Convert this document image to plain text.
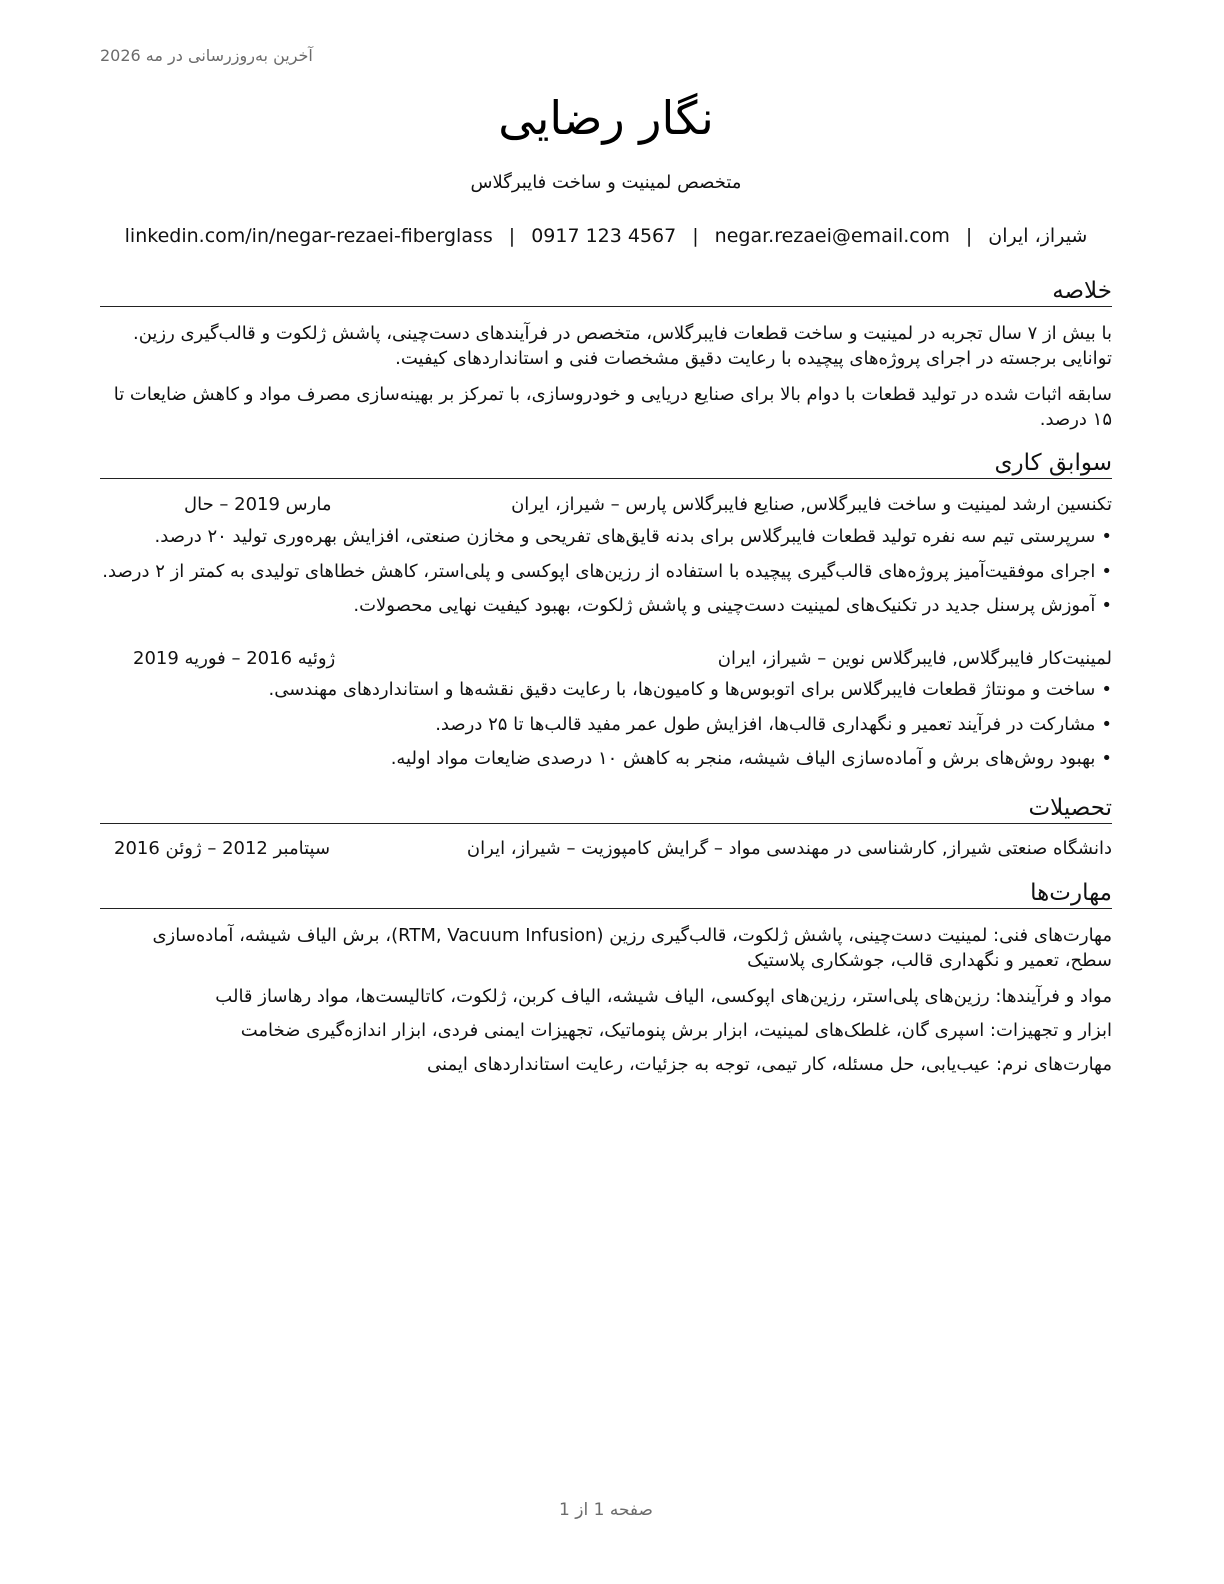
آخرین به‌روزرسانی در مه 2026
نگار رضایی
متخصص لمینیت و ساخت فایبرگلاس
شیراز، ایران|negar.rezaei@email.com|0917 123 4567|linkedin.com/in/negar-rezaei-fiberglass
خلاصه
با بیش از ۷ سال تجربه در لمینیت و ساخت قطعات فایبرگلاس، متخصص در فرآیندهای دست‌چینی، پاشش ژلکوت و قالب‌گیری رزین. توانایی برجسته در اجرای پروژه‌های پیچیده با رعایت دقیق مشخصات فنی و استانداردهای کیفیت.
سابقه اثبات شده در تولید قطعات با دوام بالا برای صنایع دریایی و خودروسازی، با تمرکز بر بهینه‌سازی مصرف مواد و کاهش ضایعات تا ۱۵ درصد.
سوابق کاری
تکنسین ارشد لمینیت و ساخت فایبرگلاس, صنایع فایبرگلاس پارس – شیراز، ایران
مارس 2019 – حال
•سرپرستی تیم سه نفره تولید قطعات فایبرگلاس برای بدنه قایق‌های تفریحی و مخازن صنعتی، افزایش بهره‌وری تولید ۲۰ درصد.
•اجرای موفقیت‌آمیز پروژه‌های قالب‌گیری پیچیده با استفاده از رزین‌های اپوکسی و پلی‌استر، کاهش خطاهای تولیدی به کمتر از ۲ درصد.
•آموزش پرسنل جدید در تکنیک‌های لمینیت دست‌چینی و پاشش ژلکوت، بهبود کیفیت نهایی محصولات.
لمینیت‌کار فایبرگلاس, فایبرگلاس نوین – شیراز، ایران
ژوئیه 2016 – فوریه 2019
•ساخت و مونتاژ قطعات فایبرگلاس برای اتوبوس‌ها و کامیون‌ها، با رعایت دقیق نقشه‌ها و استانداردهای مهندسی.
•مشارکت در فرآیند تعمیر و نگهداری قالب‌ها، افزایش طول عمر مفید قالب‌ها تا ۲۵ درصد.
•بهبود روش‌های برش و آماده‌سازی الیاف شیشه، منجر به کاهش ۱۰ درصدی ضایعات مواد اولیه.
تحصیلات
دانشگاه صنعتی شیراز, کارشناسی در مهندسی مواد – گرایش کامپوزیت – شیراز، ایران
سپتامبر 2012 – ژوئن 2016
مهارت‌ها
مهارت‌های فنی: لمینیت دست‌چینی، پاشش ژلکوت، قالب‌گیری رزین (RTM, Vacuum Infusion)، برش الیاف شیشه، آماده‌سازی سطح، تعمیر و نگهداری قالب، جوشکاری پلاستیک
مواد و فرآیندها: رزین‌های پلی‌استر، رزین‌های اپوکسی، الیاف شیشه، الیاف کربن، ژلکوت، کاتالیست‌ها، مواد رهاساز قالب
ابزار و تجهیزات: اسپری گان، غلطک‌های لمینیت، ابزار برش پنوماتیک، تجهیزات ایمنی فردی، ابزار اندازه‌گیری ضخامت
مهارت‌های نرم: عیب‌یابی، حل مسئله، کار تیمی، توجه به جزئیات، رعایت استانداردهای ایمنی
صفحه 1 از 1
